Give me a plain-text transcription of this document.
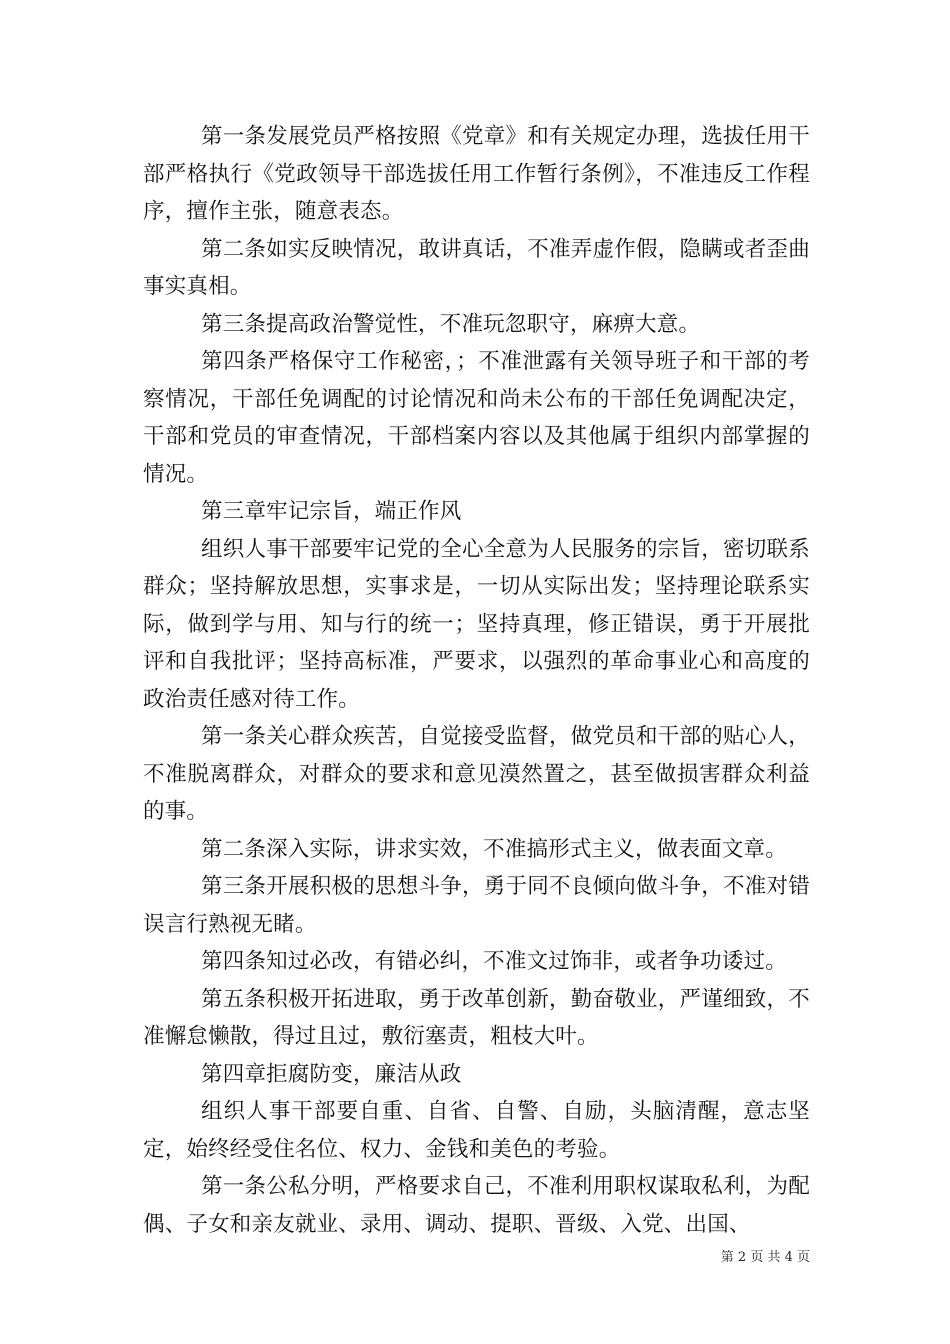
第一条发展党员严格按照《党章》和有关规定办理，选拔任用干部严格执行《党政领导干部选拔任用工作暂行条例》，不准违反工作程序，擅作主张，随意表态。

第二条如实反映情况，敢讲真话，不准弄虚作假，隐瞒或者歪曲事实真相。

第三条提高政治警觉性，不准玩忽职守，麻痹大意。

第四条严格保守工作秘密，；不准泄露有关领导班子和干部的考察情况，干部任免调配的讨论情况和尚未公布的干部任免调配决定，干部和党员的审查情况，干部档案内容以及其他属于组织内部掌握的情况。

第三章牢记宗旨，端正作风

组织人事干部要牢记党的全心全意为人民服务的宗旨，密切联系群众；坚持解放思想，实事求是，一切从实际出发；坚持理论联系实际，做到学与用、知与行的统一；坚持真理，修正错误，勇于开展批评和自我批评；坚持高标准，严要求，以强烈的革命事业心和高度的政治责任感对待工作。

第一条关心群众疾苦，自觉接受监督，做党员和干部的贴心人，不准脱离群众，对群众的要求和意见漠然置之，甚至做损害群众利益的事。

第二条深入实际，讲求实效，不准搞形式主义，做表面文章。

第三条开展积极的思想斗争，勇于同不良倾向做斗争，不准对错误言行熟视无睹。

第四条知过必改，有错必纠，不准文过饰非，或者争功诿过。

第五条积极开拓进取，勇于改革创新，勤奋敬业，严谨细致，不准懈怠懒散，得过且过，敷衍塞责，粗枝大叶。

第四章拒腐防变，廉洁从政

组织人事干部要自重、自省、自警、自励，头脑清醒，意志坚定，始终经受住名位、权力、金钱和美色的考验。

第一条公私分明，严格要求自己，不准利用职权谋取私利，为配偶、子女和亲友就业、录用、调动、提职、晋级、入党、出国、

第 2 页 共 4 页
